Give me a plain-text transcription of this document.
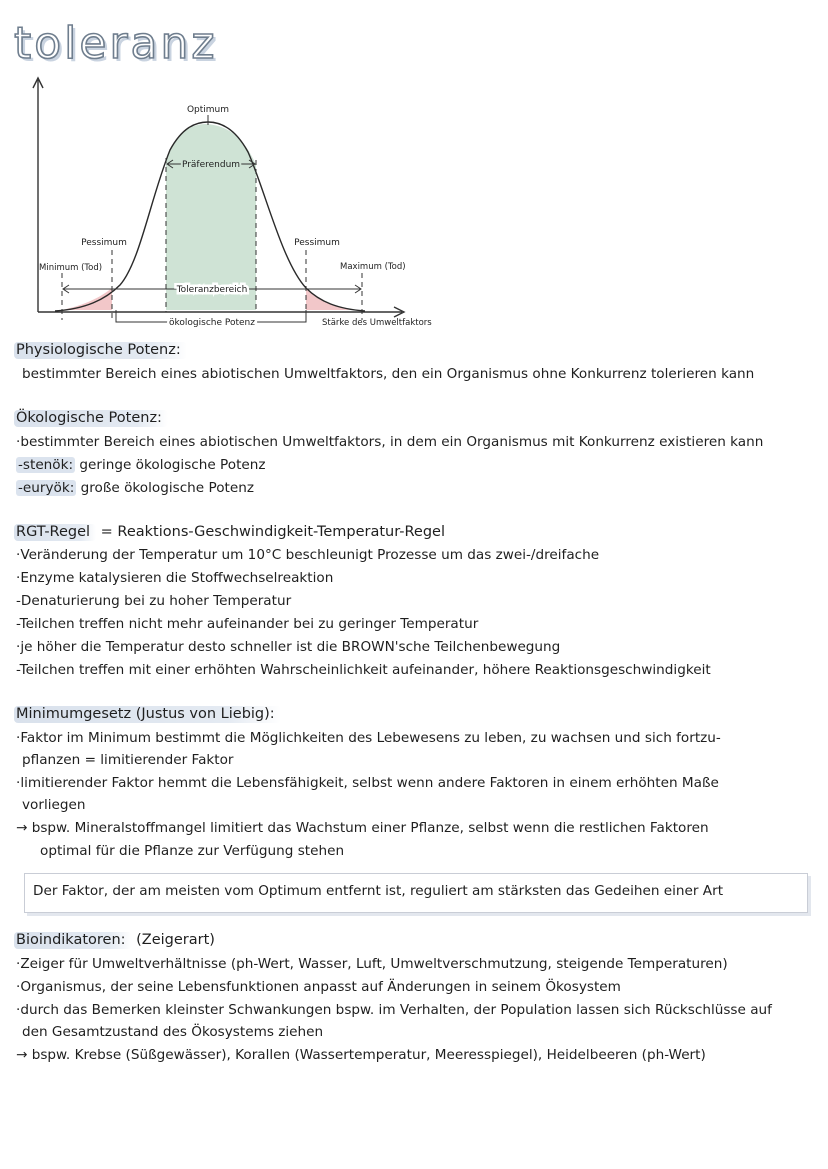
toleranz
Optimum
Präferendum
Pessimum	Pessimum
Minimum (Tod)	Maximum (Tod)
Toleranzbereich
ökologische Potenz	Stärke des Umweltfaktors
Physiologische Potenz:
bestimmter Bereich eines abiotischen Umweltfaktors, den ein Organismus ohne Konkurrenz tolerieren kann
Ökologische Potenz:
·bestimmter Bereich eines abiotischen Umweltfaktors, in dem ein Organismus mit Konkurrenz existieren kann
-stenök: geringe ökologische Potenz
-euryök: große ökologische Potenz
RGT-Regel = Reaktions-Geschwindigkeit-Temperatur-Regel
·Veränderung der Temperatur um 10°C beschleunigt Prozesse um das zwei-/dreifache
·Enzyme katalysieren die Stoffwechselreaktion
-Denaturierung bei zu hoher Temperatur
-Teilchen treffen nicht mehr aufeinander bei zu geringer Temperatur
·je höher die Temperatur desto schneller ist die BROWN'sche Teilchenbewegung
-Teilchen treffen mit einer erhöhten Wahrscheinlichkeit aufeinander, höhere Reaktionsgeschwindigkeit
Minimumgesetz (Justus von Liebig):
·Faktor im Minimum bestimmt die Möglichkeiten des Lebewesens zu leben, zu wachsen und sich fortzu-
pflanzen = limitierender Faktor
·limitierender Faktor hemmt die Lebensfähigkeit, selbst wenn andere Faktoren in einem erhöhten Maße
vorliegen
→ bspw. Mineralstoffmangel limitiert das Wachstum einer Pflanze, selbst wenn die restlichen Faktoren
optimal für die Pflanze zur Verfügung stehen
Der Faktor, der am meisten vom Optimum entfernt ist, reguliert am stärksten das Gedeihen einer Art
Bioindikatoren: (Zeigerart)
·Zeiger für Umweltverhältnisse (ph-Wert, Wasser, Luft, Umweltverschmutzung, steigende Temperaturen)
·Organismus, der seine Lebensfunktionen anpasst auf Änderungen in seinem Ökosystem
·durch das Bemerken kleinster Schwankungen bspw. im Verhalten, der Population lassen sich Rückschlüsse auf
den Gesamtzustand des Ökosystems ziehen
→ bspw. Krebse (Süßgewässer), Korallen (Wassertemperatur, Meeresspiegel), Heidelbeeren (ph-Wert)
